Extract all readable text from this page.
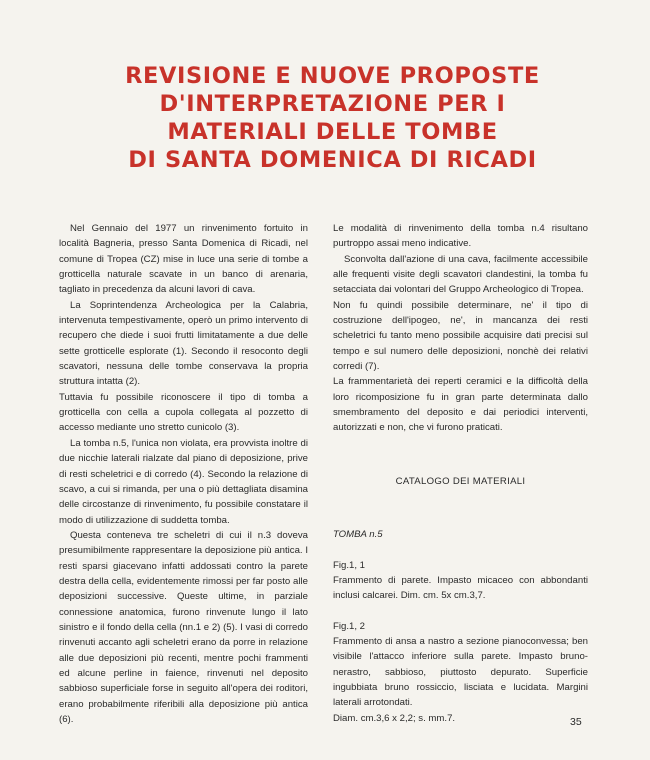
REVISIONE E NUOVE PROPOSTE
D'INTERPRETAZIONE PER I
MATERIALI DELLE TOMBE
DI SANTA DOMENICA DI RICADI

Nel Gennaio del 1977 un rinvenimento fortuito in località Bagneria, presso Santa Domenica di Ricadi, nel comune di Tropea (CZ) mise in luce una serie di tombe a grotticella naturale scavate in un banco di arenaria, tagliato in precedenza da alcuni lavori di cava.

La Soprintendenza Archeologica per la Calabria, intervenuta tempestivamente, operò un primo intervento di recupero che diede i suoi frutti limitatamente a due delle sette grotticelle esplorate (1). Secondo il resoconto degli scavatori, nessuna delle tombe conservava la propria struttura intatta (2).

Tuttavia fu possibile riconoscere il tipo di tomba a grotticella con cella a cupola collegata al pozzetto di accesso mediante uno stretto cunicolo (3).

La tomba n.5, l'unica non violata, era provvista inoltre di due nicchie laterali rialzate dal piano di deposizione, prive di resti scheletrici e di corredo (4). Secondo la relazione di scavo, a cui si rimanda, per una o più dettagliata disamina delle circostanze di rinvenimento, fu possibile constatare il modo di utilizzazione di suddetta tomba.

Questa conteneva tre scheletri di cui il n.3 doveva presumibilmente rappresentare la deposizione più antica. I resti sparsi giacevano infatti addossati contro la parete destra della cella, evidentemente rimossi per far posto alle deposizioni successive. Queste ultime, in parziale connessione anatomica, furono rinvenute lungo il lato sinistro e il fondo della cella (nn.1 e 2) (5). I vasi di corredo rinvenuti accanto agli scheletri erano da porre in relazione alle due deposizioni più recenti, mentre pochi frammenti ed alcune perline in faience, rinvenuti nel deposito sabbioso superficiale forse in seguito all'opera dei roditori, erano probabilmente riferibili alla deposizione più antica (6).

Le modalità di rinvenimento della tomba n.4 risultano purtroppo assai meno indicative.

Sconvolta dall'azione di una cava, facilmente accessibile alle frequenti visite degli scavatori clandestini, la tomba fu setacciata dai volontari del Gruppo Archeologico di Tropea.

Non fu quindi possibile determinare, ne' il tipo di costruzione dell'ipogeo, ne', in mancanza dei resti scheletrici fu tanto meno possibile acquisire dati precisi sul tempo e sul numero delle deposizioni, nonchè dei relativi corredi (7).

La frammentarietà dei reperti ceramici e la difficoltà della loro ricomposizione fu in gran parte determinata dallo smembramento del deposito e dai periodici interventi, autorizzati e non, che vi furono praticati.

CATALOGO DEI MATERIALI

TOMBA n.5

Fig.1, 1

Frammento di parete. Impasto micaceo con abbondanti inclusi calcarei. Dim. cm. 5x cm.3,7.

Fig.1, 2

Frammento di ansa a nastro a sezione pianoconvessa; ben visibile l'attacco inferiore sulla parete. Impasto bruno-nerastro, sabbioso, piuttosto depurato. Superficie ingubbiata bruno rossiccio, lisciata e lucidata. Margini laterali arrotondati.

Diam. cm.3,6 x 2,2; s. mm.7.	35
